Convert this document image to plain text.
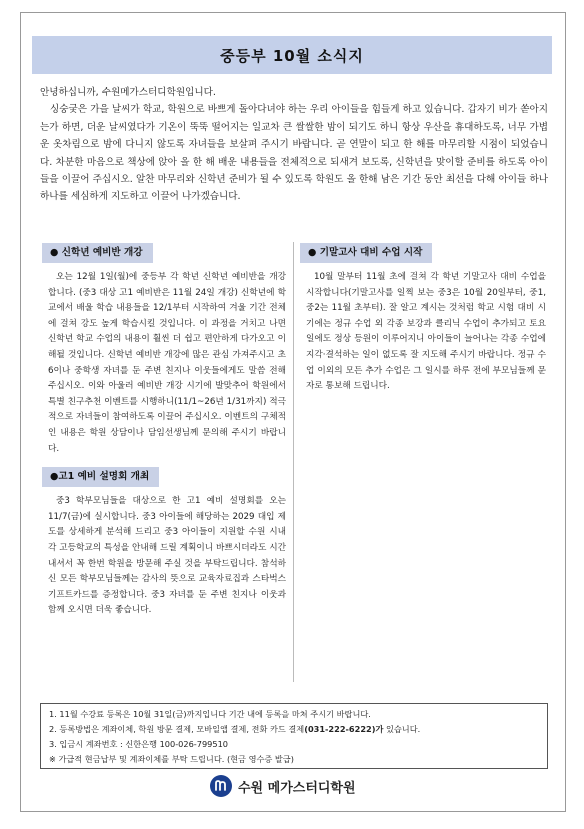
중등부 10월 소식지

안녕하십니까, 수원메가스터디학원입니다.

싱숭궂은 가을 날씨가 학교, 학원으로 바쁘게 돌아다녀야 하는 우리 아이들을 힘들게 하고 있습니다. 갑자기 비가 쏟아지는가 하면, 더운 날씨였다가 기온이 뚝뚝 떨어지는 일교차 큰 쌀쌀한 밤이 되기도 하니 항상 우산을 휴대하도록, 너무 가볍운 옷차림으로 밤에 다니지 않도록 자녀들을 보살펴 주시기 바랍니다. 곧 연말이 되고 한 해를 마무리할 시점이 되었습니다. 차분한 마음으로 책상에 앉아 올 한 해 배운 내용들을 전체적으로 되새겨 보도록, 신학년을 맞이할 준비를 하도록 아이들을 이끌어 주십시오. 알찬 마무리와 신학년 준비가 될 수 있도록 학원도 올 한해 남은 기간 동안 최선을 다해 아이들 하나하나를 세심하게 지도하고 이끌어 나가겠습니다.

● 신학년 예비반 개강

오는 12월 1일(월)에 중등부 각 학년 신학년 예비반을 개강합니다. (중3 대상 고1 예비반은 11월 24일 개강) 신학년에 학교에서 배울 학습 내용들을 12/1부터 시작하여 겨울 기간 전체에 걸쳐 강도 높게 학습시킬 것입니다. 이 과정을 거치고 나면 신학년 학교 수업의 내용이 훨씬 더 쉽고 편안하게 다가오고 이해될 것입니다. 신학년 예비반 개강에 많은 관심 가져주시고 초6이나 중학생 자녀를 둔 주변 친지나 이웃들에게도 말씀 전해 주십시오. 이와 아울러 예비반 개강 시기에 발맞추어 학원에서 특별 친구추천 이벤트를 시행하니(11/1~26년 1/31까지) 적극적으로 자녀들이 참여하도록 이끌어 주십시오. 이벤트의 구체적인 내용은 학원 상담이나 담임선생님께 문의해 주시기 바랍니다.

●고1 예비 설명회 개최

중3 학부모님들을 대상으로 한 고1 예비 설명회를 오는 11/7(금)에 실시합니다. 중3 아이들에 해당하는 2029 대입 제도를 상세하게 분석해 드리고 중3 아이들이 지원할 수원 시내 각 고등학교의 특성을 안내해 드릴 계획이니 바쁘시더라도 시간 내셔서 꼭 한번 학원을 방문해 주실 것을 부탁드립니다. 참석하신 모든 학부모님들께는 감사의 뜻으로 교육자료집과 스타벅스 기프트카드를 증정합니다. 중3 자녀를 둔 주변 친지나 이웃과 함께 오시면 더욱 좋습니다.

● 기말고사 대비 수업 시작

10월 말부터 11월 초에 걸쳐 각 학년 기말고사 대비 수업을 시작합니다(기말고사를 일찍 보는 중3은 10월 20일부터, 중1, 중2는 11월 초부터). 잘 알고 계시는 것처럼 학교 시험 대비 시기에는 정규 수업 외 각종 보강과 클리닉 수업이 추가되고 토요일에도 정상 등원이 이루어지니 아이들이 늘어나는 각종 수업에 지각·결석하는 일이 없도록 잘 지도해 주시기 바랍니다. 정규 수업 이외의 모든 추가 수업은 그 일시를 하루 전에 부모님들께 문자로 통보해 드립니다.

1. 11월 수강료 등록은 10월 31일(금)까지입니다 기간 내에 등록을 마쳐 주시기 바랍니다.
2. 등록방법은 계좌이체, 학원 방문 결제, 모바일앱 결제, 전화 카드 결제(031-222-6222)가 있습니다.
3. 입금시 계좌번호 : 신한은행 100-026-799510
※ 가급적 현금납부 및 계좌이체를 부탁 드립니다. (현금 영수증 발급)
수원 메가스터디학원
